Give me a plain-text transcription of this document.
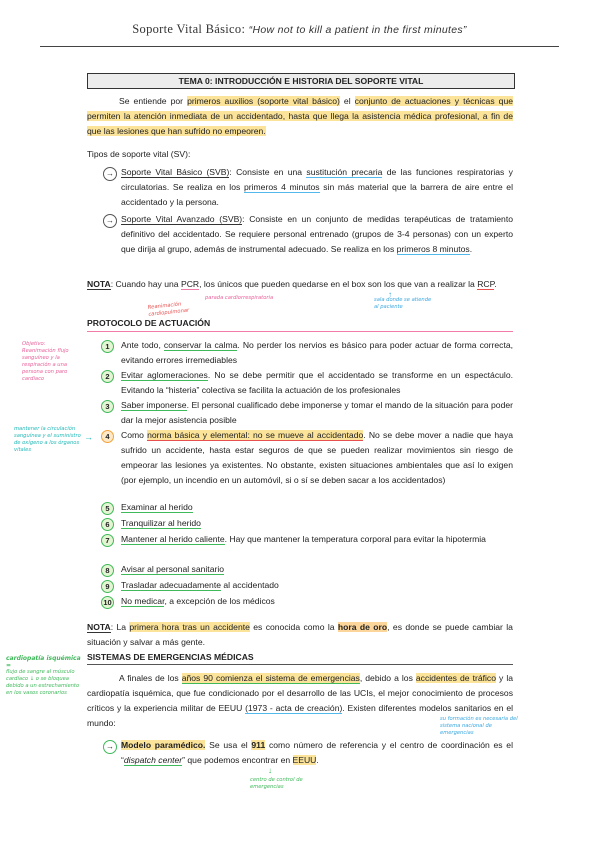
Soporte Vital Básico: “How not to kill a patient in the first minutes”
TEMA 0: INTRODUCCIÓN E HISTORIA DEL SOPORTE VITAL
Se entiende por primeros auxilios (soporte vital básico) el conjunto de actuaciones y técnicas que permiten la atención inmediata de un accidentado, hasta que llega la asistencia médica profesional, a fin de que las lesiones que han sufrido no empeoren.
Tipos de soporte vital (SV):
→ Soporte Vital Básico (SVB): Consiste en una sustitución precaria de las funciones respiratorias y circulatorias. Se realiza en los primeros 4 minutos sin más material que la barrera de aire entre el accidentado y la persona.
→ Soporte Vital Avanzado (SVB): Consiste en un conjunto de medidas terapéuticas de tratamiento definitivo del accidentado. Se requiere personal entrenado (grupos de 3-4 personas) con un experto que dirija al grupo, además de instrumental adecuado. Se realiza en los primeros 8 minutos.
NOTA: Cuando hay una PCR, los únicos que pueden quedarse en el box son los que van a realizar la RCP.
Reanimación cardiopulmonar
parada cardiorrespiratoria	sala donde se atiende al paciente
↑
PROTOCOLO DE ACTUACIÓN
Objetivo:
Reanimación flujo sanguíneo y la respiración a una persona con paro cardiaco
mantener la circulación sanguínea y el suministro de oxígeno a los órganos vitales
→
1	Ante todo, conservar la calma. No perder los nervios es básico para poder actuar de forma correcta, evitando errores irremediables
2	Evitar aglomeraciones. No se debe permitir que el accidentado se transforme en un espectáculo. Evitando la “histeria” colectiva se facilita la actuación de los profesionales
3	Saber imponerse. El personal cualificado debe imponerse y tomar el mando de la situación para poder dar la mejor asistencia posible
4	Como norma básica y elemental: no se mueve al accidentado. No se debe mover a nadie que haya sufrido un accidente, hasta estar seguros de que se pueden realizar movimientos sin riesgo de empeorar las lesiones ya existentes. No obstante, existen situaciones ambientales que así lo exigen (por ejemplo, un incendio en un automóvil, si o sí se deben sacar a los accidentados)
5	Examinar al herido
6	Tranquilizar al herido
7	Mantener al herido caliente. Hay que mantener la temperatura corporal para evitar la hipotermia
8	Avisar al personal sanitario
9	Trasladar adecuadamente al accidentado
10 No medicar, a excepción de los médicos
NOTA: La primera hora tras un accidente es conocida como la hora de oro, es donde se puede cambiar la situación y salvar a más gente.
SISTEMAS DE EMERGENCIAS MÉDICAS
cardiopatía isquémica =
flujo de sangre al músculo cardíaco ↓ o se bloquea debido a un estrechamiento en los vasos coronarios
A finales de los años 90 comienza el sistema de emergencias, debido a los accidentes de tráfico y la cardiopatía isquémica, que fue condicionado por el desarrollo de las UCIs, el mejor conocimiento de procesos críticos y la experiencia militar de EEUU (1973 - acta de creación). Existen diferentes modelos sanitarios en el mundo:	su formación es necesaria del sistema nacional de emergencias
→ Modelo paramédico. Se usa el 911 como número de referencia y el centro de coordinación es el “dispatch center” que podemos encontrar en EEUU.
↓
centro de control de emergencias
